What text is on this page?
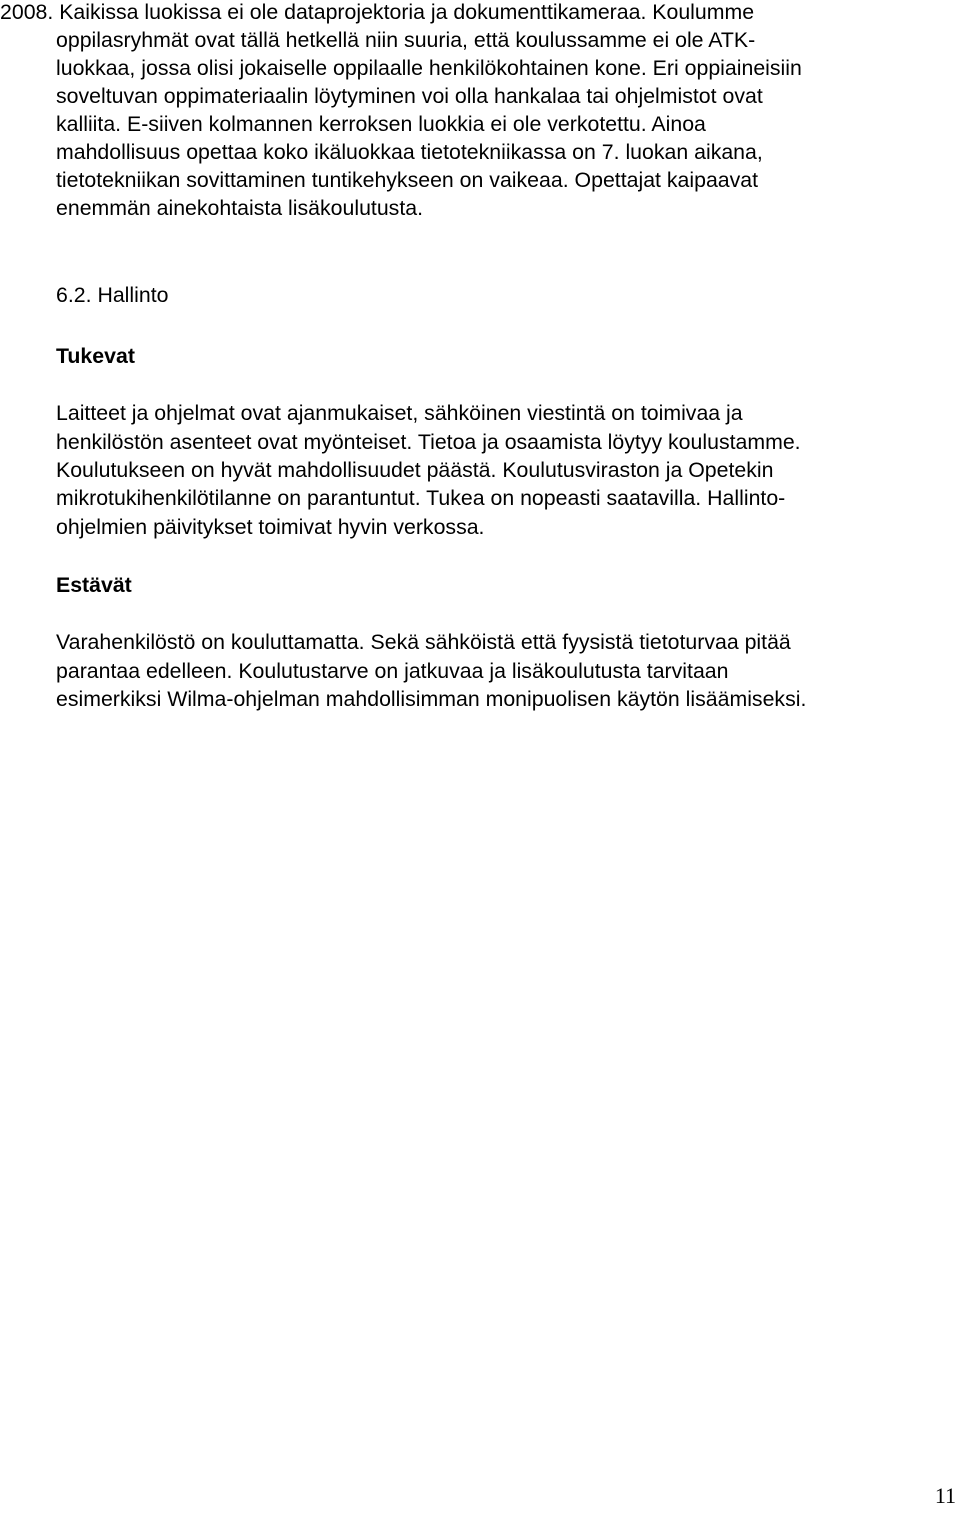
2008. Kaikissa luokissa ei ole dataprojektoria ja dokumenttikameraa. Koulumme
oppilasryhmät ovat tällä hetkellä niin suuria, että koulussamme ei ole ATK-
luokkaa, jossa olisi jokaiselle oppilaalle henkilökohtainen kone. Eri oppiaineisiin
soveltuvan oppimateriaalin löytyminen voi olla hankalaa tai ohjelmistot ovat
kalliita. E-siiven kolmannen kerroksen luokkia ei ole verkotettu. Ainoa
mahdollisuus opettaa koko ikäluokkaa tietotekniikassa on 7. luokan aikana,
tietotekniikan sovittaminen tuntikehykseen on vaikeaa. Opettajat kaipaavat
enemmän ainekohtaista lisäkoulutusta.
6.2. Hallinto
Tukevat
Laitteet ja ohjelmat ovat ajanmukaiset, sähköinen viestintä on toimivaa ja
henkilöstön asenteet ovat myönteiset. Tietoa ja osaamista löytyy koulustamme.
Koulutukseen on hyvät mahdollisuudet päästä. Koulutusviraston ja Opetekin
mikrotukihenkilötilanne on parantuntut. Tukea on nopeasti saatavilla. Hallinto-
ohjelmien päivitykset toimivat hyvin verkossa.
Estävät
Varahenkilöstö on kouluttamatta. Sekä sähköistä että fyysistä tietoturvaa pitää
parantaa edelleen. Koulutustarve on jatkuvaa ja lisäkoulutusta tarvitaan
esimerkiksi Wilma-ohjelman mahdollisimman monipuolisen käytön lisäämiseksi.
11
